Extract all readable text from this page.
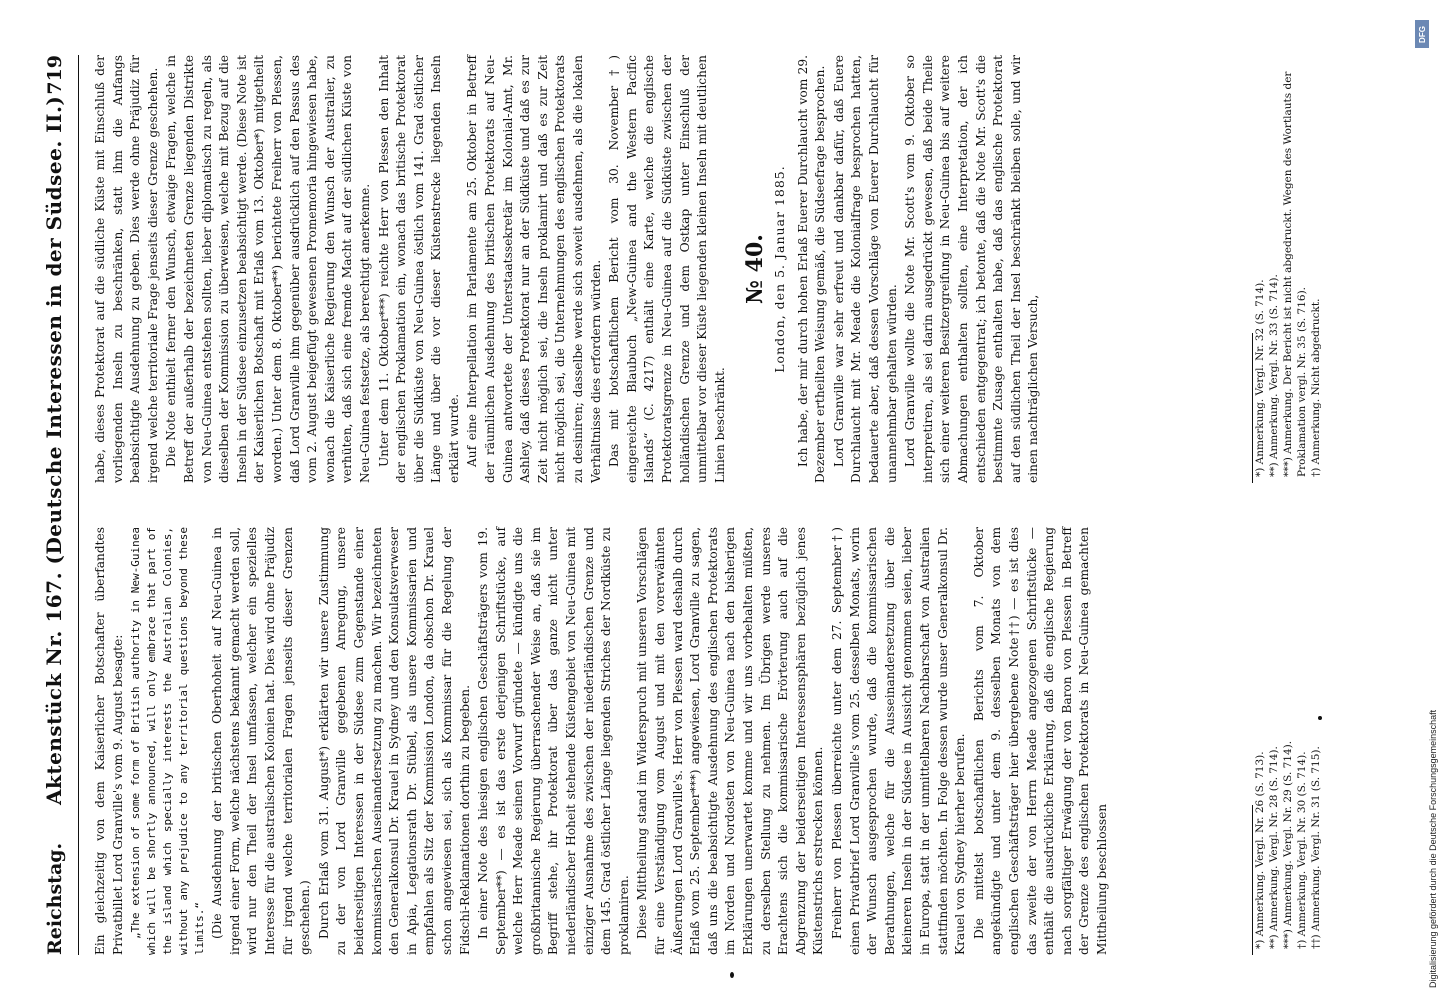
Reichstag.
Aktenstück Nr. 167. (Deutsche Interessen in der Südsee. II.)
719

Ein gleichzeitig von dem Kaiserlicher Botschafter überfandtes Privatbillet Lord Granville's vom 9. August besagte: „The extension of some form of British authority in New-Guinea which will be shortly announced, will only embrace that part of the island which specially interests the Australian Colonies, without any prejudice to any territorial questions beyond these limits.“ (Die Ausdehnung der britischen Oberhoheit auf Neu-Guinea in irgend einer Form, welche nächstens bekannt gemacht werden soll, wird nur den Theil der Insel umfassen, welcher ein spezielles Interesse für die australischen Kolonien hat. Dies wird ohne Präjudiz für irgend welche territorialen Fragen jenseits dieser Grenzen geschehen.) Durch Erlaß vom 31. August*) erklärten wir unsere Zustimmung zu der von Lord Granville gegebenen Anregung, unsere beiderseitigen Interessen in der Südsee zum Gegenstande einer kommissarischen Auseinandersetzung zu machen. Wir bezeichneten den Generalkonsul Dr. Krauel in Sydney und den Konsulatsverweser in Apia, Legationsrath Dr. Stübel, als unsere Kommissarien und empfahlen als Sitz der Kommission London, da obschon Dr. Krauel schon angewiesen sei, sich als Kommissar für die Regelung der Fidschi-Reklamationen dorthin zu begeben. In einer Note des hiesigen englischen Geschäftsträgers vom 19. September**) — es ist das erste derjenigen Schriftstücke, auf welche Herr Meade seinen Vorwurf gründete — kündigte uns die großbritannische Regierung überraschender Weise an, daß sie im Begriff stehe, ihr Protektorat über das ganze nicht unter niederländischer Hoheit stehende Küstengebiet von Neu-Guinea mit einziger Ausnahme des zwischen der niederländischen Grenze und dem 145. Grad östlicher Länge liegenden Striches der Nordküste zu proklamiren. Diese Mittheilung stand im Widerspruch mit unseren Vorschlägen für eine Verständigung vom August und mit den vorerwähnten Äußerungen Lord Granville's. Herr von Plessen ward deshalb durch Erlaß vom 25. September***) angewiesen, Lord Granville zu sagen, daß uns die beabsichtigte Ausdehnung des englischen Protektorats im Norden und Nordosten von Neu-Guinea nach den bisherigen Erklärungen unerwartet komme und wir uns vorbehalten müßten, zu derselben Stellung zu nehmen. Im Übrigen werde unseres Erachtens sich die kommissarische Erörterung auch auf die Abgrenzung der beiderseitigen Interessensphären bezüglich jenes Küstenstrichs erstrecken können. Freiherr von Plessen überreichte unter dem 27. September†) einen Privatbrief Lord Granville's vom 25. desselben Monats, worin der Wunsch ausgesprochen wurde, daß die kommissarischen Berathungen, welche für die Ausseinandersetzung über die kleineren Inseln in der Südsee in Aussicht genommen seien, lieber in Europa, statt in der unmittelbaren Nachbarschaft von Australien stattfinden möchten. In Folge dessen wurde unser Generalkonsul Dr. Krauel von Sydney hierher berufen. Die mittelst botschaftlichen Berichts vom 7. Oktober angekündigte und unter dem 9. desselben Monats von dem englischen Geschäftsträger hier übergebene Note††) — es ist dies das zweite der von Herrn Meade angezogenen Schriftstücke — enthält die ausdrückliche Erklärung, daß die englische Regierung nach sorgfältiger Erwägung der von Baron von Plessen in Betreff der Grenze des englischen Protektorats in Neu-Guinea gemachten Mittheilung beschlossen	*) Anmerkung. Vergl. Nr. 26 (S. 713). **) Anmerkung. Vergl. Nr. 28 (S. 714). ***) Anmerkung. Vergl. Nr. 29 (S. 714). †) Anmerkung. Vergl. Nr. 30 (S. 714). ††) Anmerkung. Vergl. Nr. 31 (S. 715).

habe, dieses Protektorat auf die südliche Küste mit Einschluß der vorliegenden Inseln zu beschränken, statt ihm die Anfangs beabsichtigte Ausdehnung zu geben. Dies werde ohne Präjudiz für irgend welche territoriale Frage jenseits dieser Grenze geschehen. Die Note enthielt ferner den Wunsch, etwaige Fragen, welche in Betreff der außerhalb der bezeichneten Grenze liegenden Distrikte von Neu-Guinea entstehen sollten, lieber diplomatisch zu regeln, als dieselben der Kommission zu überweisen, welche mit Bezug auf die Inseln in der Südsee einzusetzen beabsichtigt werde. (Diese Note ist der Kaiserlichen Botschaft mit Erlaß vom 13. Oktober*) mitgetheilt worden.) Unter dem 8. Oktober**) berichtete Freiherr von Plessen, daß Lord Granville ihm gegenüber ausdrücklich auf den Passus des vom 2. August beigefügt gewesenen Promemoria hingewiesen habe, wonach die Kaiserliche Regierung den Wunsch der Australier, zu verhüten, daß sich eine fremde Macht auf der südlichen Küste von Neu-Guinea festsetze, als berechtigt anerkenne. Unter dem 11. Oktober***) reichte Herr von Plessen den Inhalt der englischen Proklamation ein, wonach das britische Protektorat über die Südküste von Neu-Guinea östlich vom 141. Grad östlicher Länge und über die vor dieser Küstenstrecke liegenden Inseln erklärt wurde. Auf eine Interpellation im Parlamente am 25. Oktober in Betreff der räumlichen Ausdehnung des britischen Protektorats auf Neu-Guinea antwortete der Unterstaatssekretär im Kolonial-Amt, Mr. Ashley, daß dieses Protektorat nur an der Südküste und daß es zur Zeit nicht möglich sei, die Inseln proklamirt und daß es zur Zeit nicht möglich sei, die Unternehmungen des englischen Protektorats zu desiniren; dasselbe werde sich soweit ausdehnen, als die lokalen Verhältnisse dies erfordern würden. Das mit botschaftlichem Bericht vom 30. November†) eingereichte Blaubuch „New-Guinea and the Western Pacific Islands“ (C. 4217) enthält eine Karte, welche die englische Protektoratsgrenze in Neu-Guinea auf die Südküste zwischen der holländischen Grenze und dem Ostkap unter Einschluß der unmittelbar vor dieser Küste liegenden kleinen Inseln mit deutlichen Linien beschränkt.

№ 40. London, den 5. Januar 1885. Ich habe, der mir durch hohen Erlaß Euerer Durchlaucht vom 29. Dezember ertheilten Weisung gemäß, die Südseefrage besprochen. Lord Granville war sehr erfreut und dankbar dafür, daß Euere Durchlaucht mit Mr. Meade die Kolonialfrage besprochen hatten, bedauerte aber, daß dessen Vorschläge von Euerer Durchlaucht für unannehmbar gehalten würden. Lord Granville wollte die Note Mr. Scott's vom 9. Oktober so interpretiren, als sei darin ausgedrückt gewesen, daß beide Theile sich einer weiteren Besitzergreifung in Neu-Guinea bis auf weitere Abmachungen enthalten sollten, eine Interpretation, der ich entschieden entgegentrat; ich betonte, daß die Note Mr. Scott's die bestimmte Zusage enthalten habe, daß das englische Protektorat auf den südlichen Theil der Insel beschränkt bleiben solle, und wir einen nachträglichen Versuch,	*) Anmerkung. Vergl. Nr. 32 (S. 714). **) Anmerkung. Vergl. Nr. 33 (S. 714). ***) Anmerkung. Der Bericht ist nicht abgedruckt. Wegen des Wortlauts der Proklamation vergl. Nr. 35 (S. 716). †) Anmerkung. Nicht abgedruckt.

Digitalisierung gefördert durch die Deutsche Forschungsgemeinschaft
DFG
